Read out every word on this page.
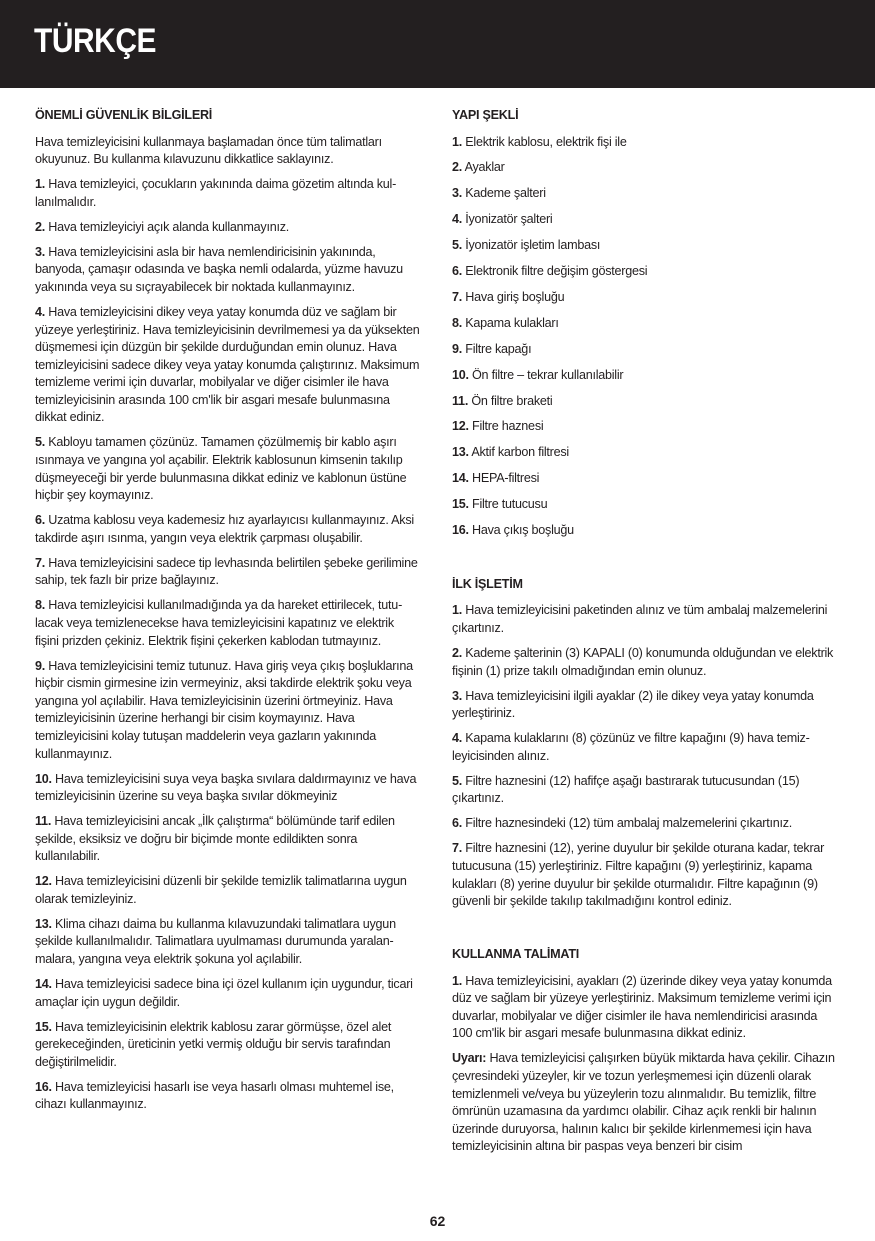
TÜRKÇE
ÖNEMLİ GÜVENLİK BİLGİLERİ
Hava temizleyicisini kullanmaya başlamadan önce tüm talimatları okuyunuz. Bu kullanma kılavuzunu dikkatlice saklayınız.
1. Hava temizleyici, çocukların yakınında daima gözetim altında kullanılmalıdır.
2. Hava temizleyiciyi açık alanda kullanmayınız.
3. Hava temizleyicisini asla bir hava nemlendiricisinin yakınında, banyoda, çamaşır odasında ve başka nemli odalarda, yüzme havuzu yakınında veya su sıçrayabilecek bir noktada kullanmayınız.
4. Hava temizleyicisini dikey veya yatay konumda düz ve sağlam bir yüzeye yerleştiriniz. Hava temizleyicisinin devrilmemesi ya da yüksekten düşmemesi için düzgün bir şekilde durduğundan emin olunuz. Hava temizleyicisini sadece dikey veya yatay konumda çalıştırınız. Maksimum temizleme verimi için duvarlar, mobilyalar ve diğer cisimler ile hava temizleyicisinin arasında 100 cm'lik bir asgari mesafe bulunmasına dikkat ediniz.
5. Kabloyu tamamen çözünüz. Tamamen çözülmemiş bir kablo aşırı ısınmaya ve yangına yol açabilir. Elektrik kablosunun kimsenin takılıp düşmeyeceği bir yerde bulunmasına dikkat ediniz ve kablonun üstüne hiçbir şey koymayınız.
6. Uzatma kablosu veya kademesiz hız ayarlayıcısı kullanmayınız. Aksi takdirde aşırı ısınma, yangın veya elektrik çarpması oluşabilir.
7. Hava temizleyicisini sadece tip levhasında belirtilen şebeke gerilimine sahip, tek fazlı bir prize bağlayınız.
8. Hava temizleyicisi kullanılmadığında ya da hareket ettirilecek, tutulacak veya temizlenecekse hava temizleyicisini kapatınız ve elektrik fişini prizden çekiniz. Elektrik fişini çekerken kablodan tutmayınız.
9. Hava temizleyicisini temiz tutunuz. Hava giriş veya çıkış boşluklarına hiçbir cismin girmesine izin vermeyiniz, aksi takdirde elektrik şoku veya yangına yol açılabilir. Hava temizleyicisinin üzerini örtmeyiniz. Hava temizleyicisinin üzerine herhangi bir cisim koymayınız. Hava temizleyicisini kolay tutuşan maddelerin veya gazların yakınında kullanmayınız.
10. Hava temizleyicisini suya veya başka sıvılara daldırmayınız ve hava temizleyicisinin üzerine su veya başka sıvılar dökmeyiniz
11. Hava temizleyicisini ancak „İlk çalıştırma“ bölümünde tarif edilen şekilde, eksiksiz ve doğru bir biçimde monte edildikten sonra kullanılabilir.
12. Hava temizleyicisini düzenli bir şekilde temizlik talimatlarına uygun olarak temizleyiniz.
13. Klima cihazı daima bu kullanma kılavuzundaki talimatlara uygun şekilde kullanılmalıdır. Talimatlara uyulmaması durumunda yaralanmalara, yangına veya elektrik şokuna yol açılabilir.
14. Hava temizleyicisi sadece bina içi özel kullanım için uygundur, ticari amaçlar için uygun değildir.
15. Hava temizleyicisinin elektrik kablosu zarar görmüşse, özel alet gerekeceğinden, üreticinin yetki vermiş olduğu bir servis tarafından değiştirilmelidir.
16. Hava temizleyicisi hasarlı ise veya hasarlı olması muhtemel ise, cihazı kullanmayınız.
YAPI ŞEKLİ
1. Elektrik kablosu, elektrik fişi ile
2. Ayaklar
3. Kademe şalteri
4. İyonizatör şalteri
5. İyonizatör işletim lambası
6. Elektronik filtre değişim göstergesi
7. Hava giriş boşluğu
8. Kapama kulakları
9. Filtre kapağı
10. Ön filtre – tekrar kullanılabilir
11. Ön filtre braketi
12. Filtre haznesi
13. Aktif karbon filtresi
14. HEPA-filtresi
15. Filtre tutucusu
16. Hava çıkış boşluğu
İLK İŞLETİM
1. Hava temizleyicisini paketinden alınız ve tüm ambalaj malzemelerini çıkartınız.
2. Kademe şalterinin (3) KAPALI (0) konumunda olduğundan ve elektrik fişinin (1) prize takılı olmadığından emin olunuz.
3. Hava temizleyicisini ilgili ayaklar (2) ile dikey veya yatay konumda yerleştiriniz.
4. Kapama kulaklarını (8) çözünüz ve filtre kapağını (9) hava temizleyicisinden alınız.
5. Filtre haznesini (12) hafifçe aşağı bastırarak tutucusundan (15) çıkartınız.
6. Filtre haznesindeki (12) tüm ambalaj malzemelerini çıkartınız.
7. Filtre haznesini (12), yerine duyulur bir şekilde oturana kadar, tekrar tutucusuna (15) yerleştiriniz. Filtre kapağını (9) yerleştiriniz, kapama kulakları (8) yerine duyulur bir şekilde oturmalıdır. Filtre kapağının (9) güvenli bir şekilde takılıp takılmadığını kontrol ediniz.
KULLANMA TALİMATI
1. Hava temizleyicisini, ayakları (2) üzerinde dikey veya yatay konumda düz ve sağlam bir yüzeye yerleştiriniz. Maksimum temizleme verimi için duvarlar, mobilyalar ve diğer cisimler ile hava nemlendiricisi arasında 100 cm'lik bir asgari mesafe bulunmasına dikkat ediniz.
Uyarı: Hava temizleyicisi çalışırken büyük miktarda hava çekilir. Cihazın çevresindeki yüzeyler, kir ve tozun yerleşmemesi için düzenli olarak temizlenmeli ve/veya bu yüzeylerin tozu alınmalıdır. Bu temizlik, filtre ömrünün uzamasına da yardımcı olabilir. Cihaz açık renkli bir halının üzerinde duruyorsa, halının kalıcı bir şekilde kirlenmemesi için hava temizleyicisinin altına bir paspas veya benzeri bir cisim
62
